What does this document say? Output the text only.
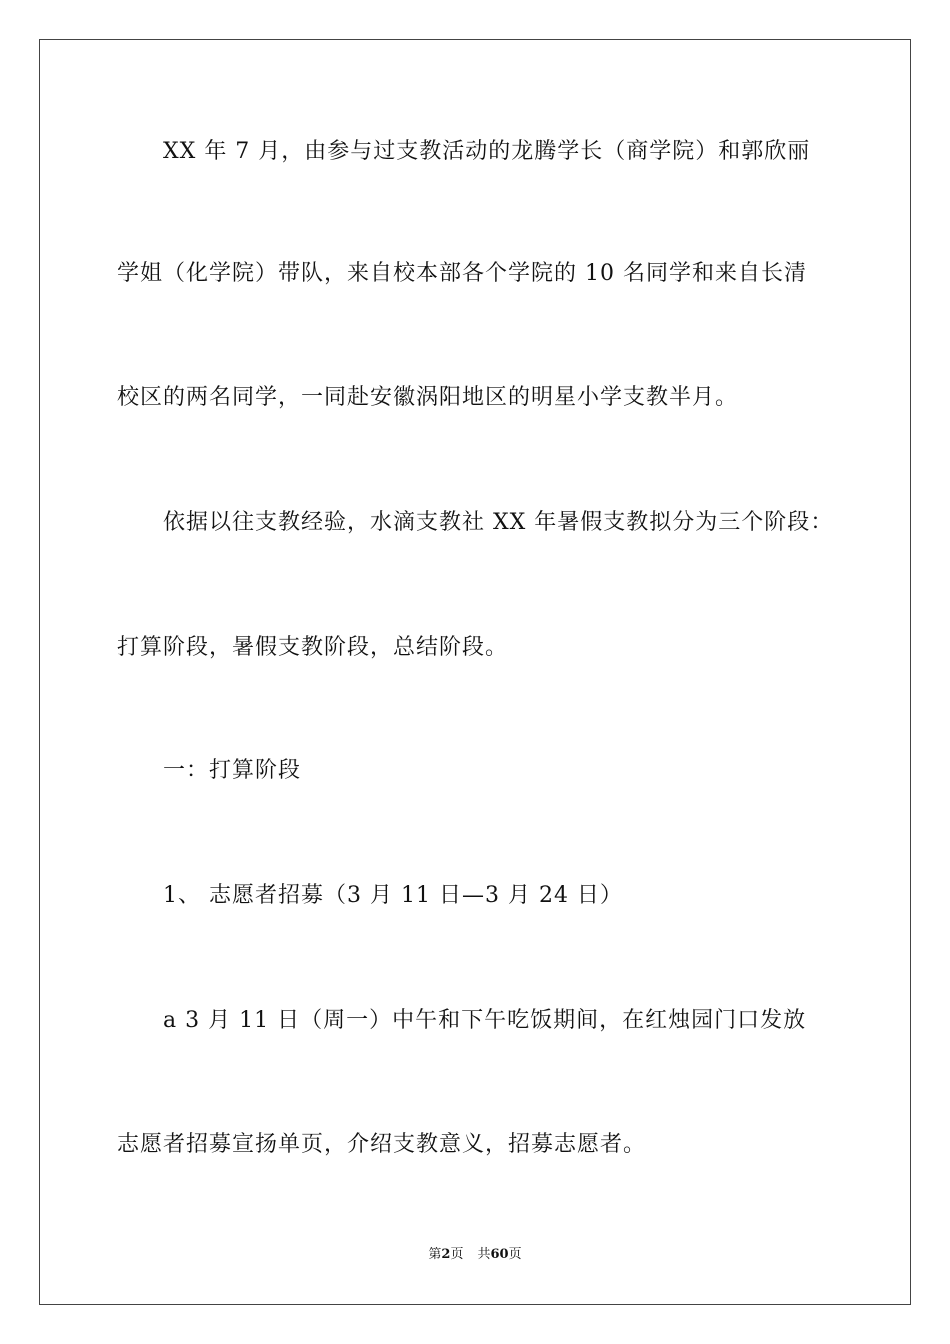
XX 年 7 月，由参与过支教活动的龙腾学长（商学院）和郭欣丽
学姐（化学院）带队，来自校本部各个学院的 10 名同学和来自长清
校区的两名同学，一同赴安徽涡阳地区的明星小学支教半月。
依据以往支教经验，水滴支教社 XX 年暑假支教拟分为三个阶段：
打算阶段，暑假支教阶段，总结阶段。
一：打算阶段
1、 志愿者招募（3 月 11 日—3 月 24 日）
a 3 月 11 日（周一）中午和下午吃饭期间，在红烛园门口发放
志愿者招募宣扬单页，介绍支教意义，招募志愿者。
第2页 共60页
